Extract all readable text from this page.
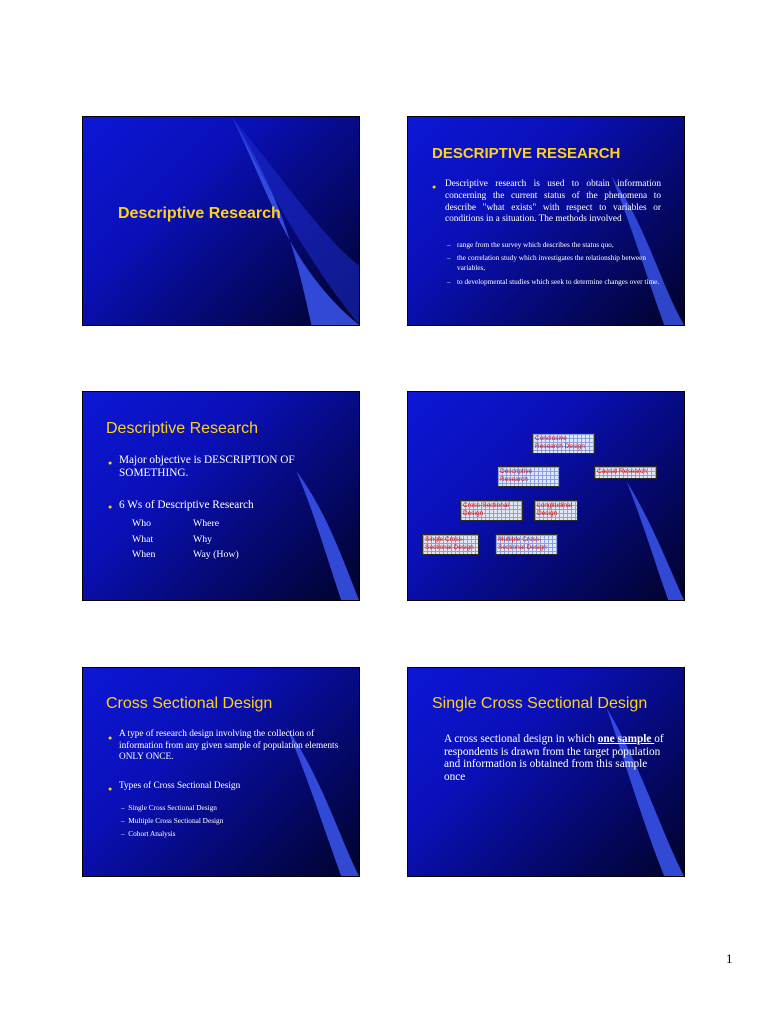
Descriptive Research
DESCRIPTIVE RESEARCH
● Descriptive research is used to obtain information concerning the current status of the phenomena to describe "what exists" with respect to variables or conditions in a situation. The methods involved
– range from the survey which describes the status quo,
– the correlation study which investigates the relationship between variables,
– to developmental studies which seek to determine changes over time.
Descriptive Research
● Major objective is DESCRIPTION OF SOMETHING.
● 6 Ws of Descriptive Research
Who	Where
What	Why
When	Way (How)
Conclusive Research Design
Descriptive Research
Causal Research
Cross-Sectional Design
Longitudinal Design
Single Cross-Sectional Design
Multiple Cross-Sectional Design
Cross Sectional Design
● A type of research design involving the collection of information from any given sample of population elements ONLY ONCE.
● Types of Cross Sectional Design
–  Single Cross Sectional Design
–  Multiple Cross Sectional Design
–  Cohort Analysis
Single Cross Sectional Design
A cross sectional design in which one sample of respondents is drawn from the target population and information is obtained from this sample once
1
